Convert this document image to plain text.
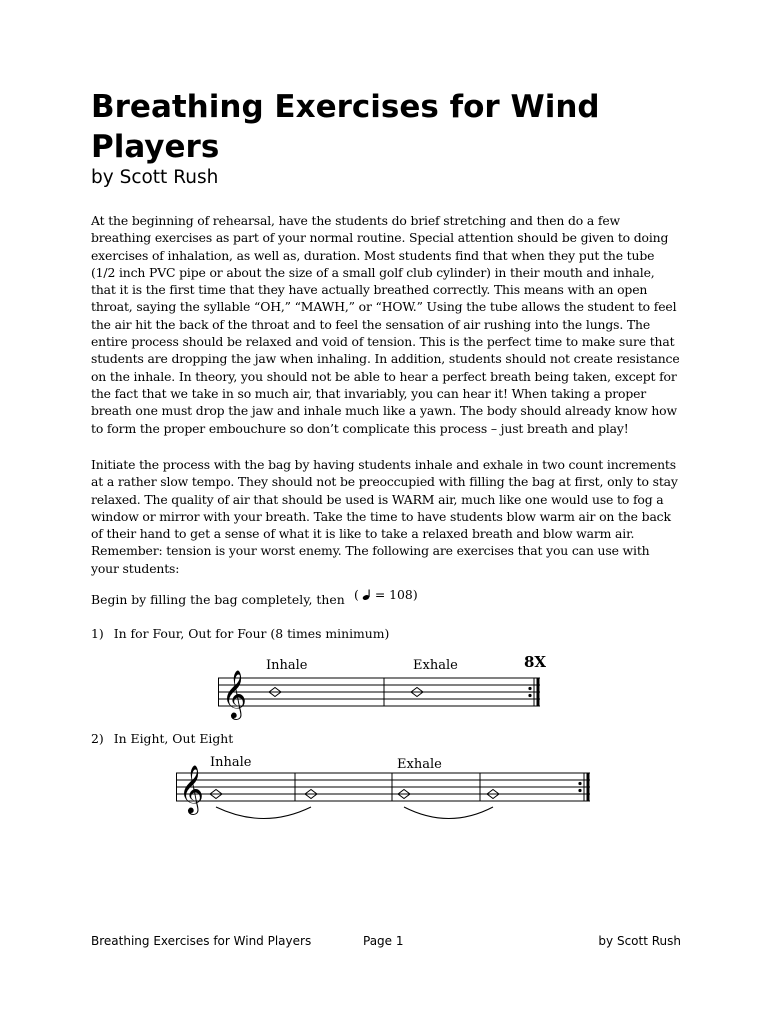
Breathing Exercises for Wind Players
by Scott Rush

At the beginning of rehearsal, have the students do brief stretching and then do a few breathing exercises as part of your normal routine. Special attention should be given to doing exercises of inhalation, as well as, duration. Most students find that when they put the tube (1/2 inch PVC pipe or about the size of a small golf club cylinder) in their mouth and inhale, that it is the first time that they have actually breathed correctly. This means with an open throat, saying the syllable “OH,” “MAWH,” or “HOW.” Using the tube allows the student to feel the air hit the back of the throat and to feel the sensation of air rushing into the lungs. The entire process should be relaxed and void of tension. This is the perfect time to make sure that students are dropping the jaw when inhaling. In addition, students should not create resistance on the inhale. In theory, you should not be able to hear a perfect breath being taken, except for the fact that we take in so much air, that invariably, you can hear it! When taking a proper breath one must drop the jaw and inhale much like a yawn. The body should already know how to form the proper embouchure so don’t complicate this process – just breath and play!

Initiate the process with the bag by having students inhale and exhale in two count increments at a rather slow tempo. They should not be preoccupied with filling the bag at first, only to stay relaxed. The quality of air that should be used is WARM air, much like one would use to fog a window or mirror with your breath. Take the time to have students blow warm air on the back of their hand to get a sense of what it is like to take a relaxed breath and blow warm air. Remember: tension is your worst enemy. The following are exercises that you can use with your students:

Begin by filling the bag completely, then ( = 108)
1) In for Four, Out for Four (8 times minimum)
𝄞
Inhale	Exhale	8X
2) In Eight, Out Eight
𝄞
Inhale	Exhale
Breathing Exercises for Wind Players	Page 1	by Scott Rush
